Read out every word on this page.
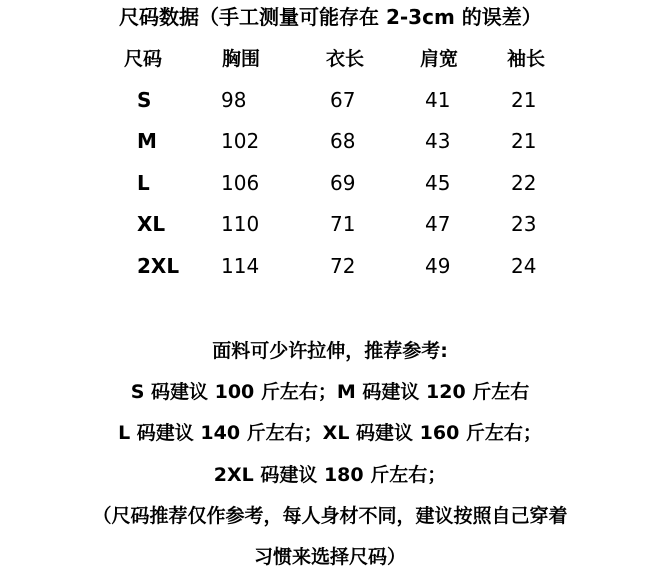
尺码数据（手工测量可能存在 2-3cm 的误差）
尺码	胸围	衣长	肩宽	袖长
S	98	67	41	21
M	102	68	43	21
L	106	69	45	22
XL	110	71	47	23
2XL 114	72	49	24
面料可少许拉伸，推荐参考:
S 码建议 100 斤左右；M 码建议 120 斤左右
L 码建议 140 斤左右；XL 码建议 160 斤左右；
2XL 码建议 180 斤左右；
（尺码推荐仅作参考，每人身材不同，建议按照自己穿着
习惯来选择尺码）
